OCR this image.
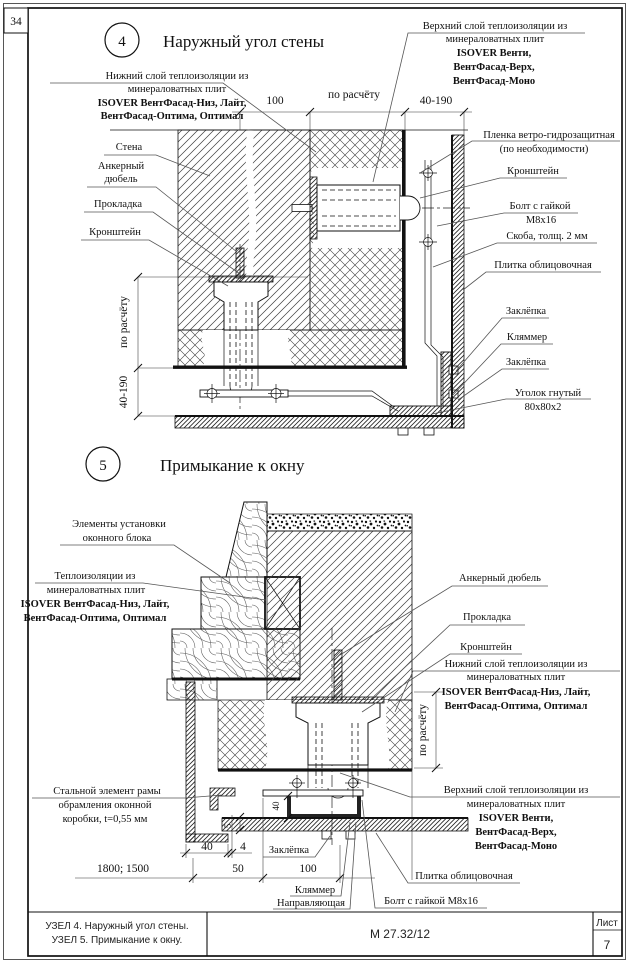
34
УЗЕЛ 4. Наружный угол стены.
УЗЕЛ 5. Примыкание к окну.	М 27.32/12
Лист
7
4 Наружный угол стены
100	по расчёту	40-190
по расчёту
40-190
Нижний слой теплоизоляции из
минераловатных плит
ISOVER ВентФасад-Низ, Лайт,
ВентФасад-Оптима, Оптимал
Стена
Анкерный
дюбель
Прокладка
Кронштейн
Верхний слой теплоизоляции из
минераловатных плит
ISOVER Венти,
ВентФасад-Верх,
ВентФасад-Моно
Пленка ветро-гидрозащитная
(по необходимости)
Кронштейн
Болт с гайкой
М8х16
Скоба, толщ. 2 мм
Плитка облицовочная
Заклёпка
Кляммер
Заклёпка
Уголок гнутый
80х80х2
5	Примыкание к окну
по расчёту
40
5
40 4
1800; 1500	50	100
Элементы установки
оконного блока
Теплоизоляции из
минераловатных плит
ISOVER ВентФасад-Низ, Лайт,
ВентФасад-Оптима, Оптимал
Стальной элемент рамы
обрамления оконной
коробки, t=0,55 мм
Анкерный дюбель
Прокладка
Кронштейн
Нижний слой теплоизоляции из
минераловатных плит
ISOVER ВентФасад-Низ, Лайт,
ВентФасад-Оптима, Оптимал
Верхний слой теплоизоляции из
минераловатных плит
ISOVER Венти,
ВентФасад-Верх,
ВентФасад-Моно
Заклёпка
Плитка облицовочная
Кляммер
Направляющая	Болт с гайкой М8х16
